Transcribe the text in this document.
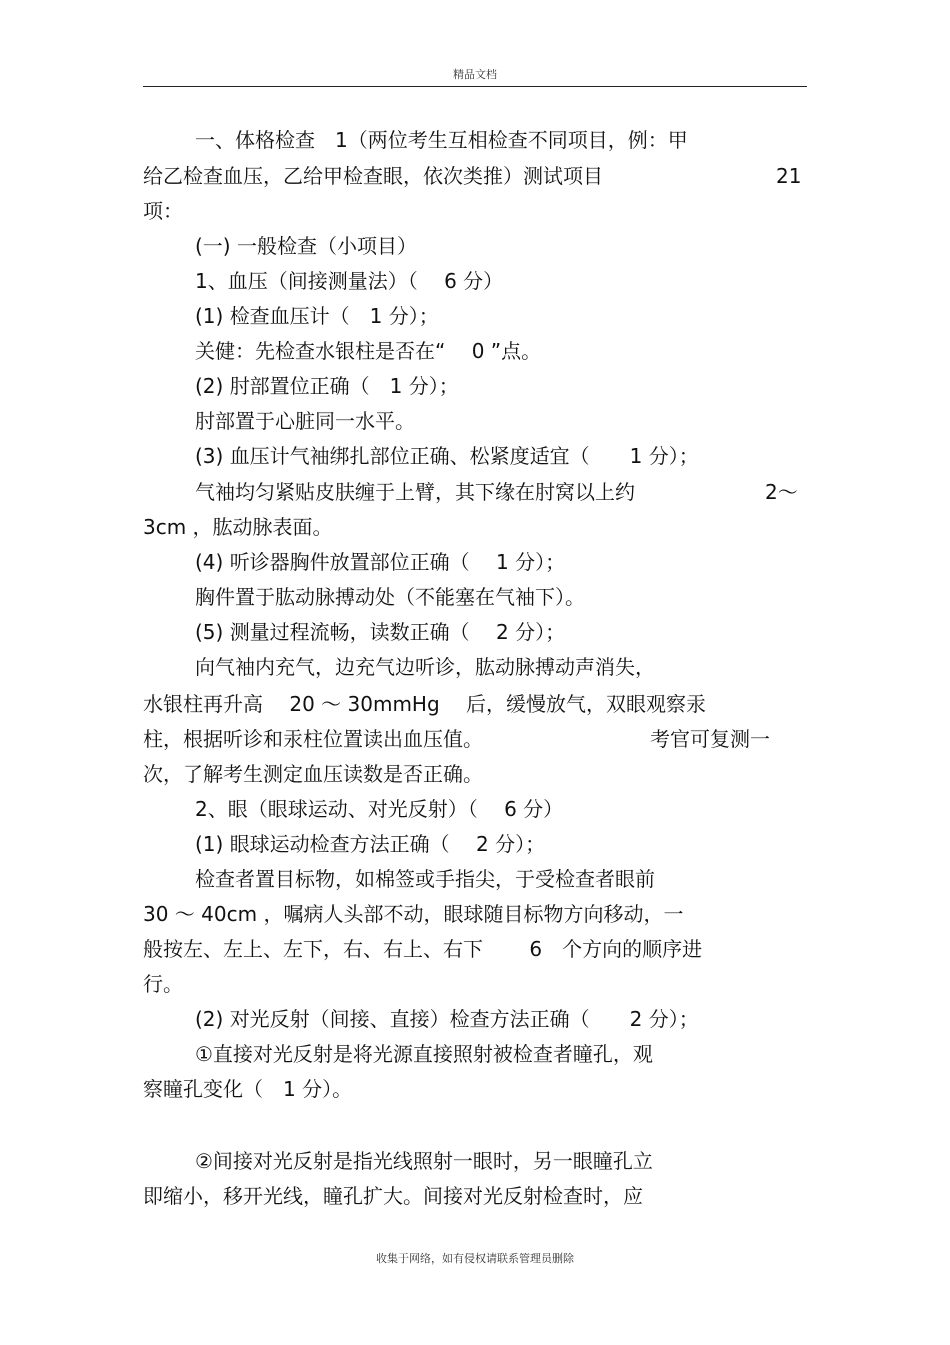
精品文档
一、体格检查　1（两位考生互相检查不同项目，例：甲
给乙检查血压，乙给甲检查眼，依次类推）测试项目	21
项：
(一) 一般检查（小项目）
1、血压（间接测量法）（　 6 分）
(1) 检查血压计（　1 分）；
关健：先检查水银柱是否在“　 0 ”点。
(2) 肘部置位正确（　1 分）；
肘部置于心脏同一水平。
(3) 血压计气袖绑扎部位正确、松紧度适宜（　　1 分）；
气袖均匀紧贴皮肤缠于上臂，其下缘在肘窝以上约	2～
3cm ，肱动脉表面。
(4) 听诊器胸件放置部位正确（　 1 分）；
胸件置于肱动脉搏动处（不能塞在气袖下）。
(5) 测量过程流畅，读数正确（　 2 分）；
向气袖内充气，边充气边听诊，肱动脉搏动声消失，
水银柱再升高　 20 ～ 30mmHg　 后，缓慢放气，双眼观察汞
柱，根据听诊和汞柱位置读出血压值。	考官可复测一
次，了解考生测定血压读数是否正确。
2、眼（眼球运动、对光反射）（　 6 分）
(1) 眼球运动检查方法正确（　 2 分）；
检查者置目标物，如棉签或手指尖，于受检查者眼前
30 ～ 40cm ，嘱病人头部不动，眼球随目标物方向移动，一
般按左、左上、左下，右、右上、右下　　 6　个方向的顺序进
行。
(2) 对光反射（间接、直接）检查方法正确（　　2 分）；
①直接对光反射是将光源直接照射被检查者瞳孔，观
察瞳孔变化（　1 分）。
②间接对光反射是指光线照射一眼时，另一眼瞳孔立
即缩小，移开光线，瞳孔扩大。间接对光反射检查时，应
收集于网络，如有侵权请联系管理员删除
